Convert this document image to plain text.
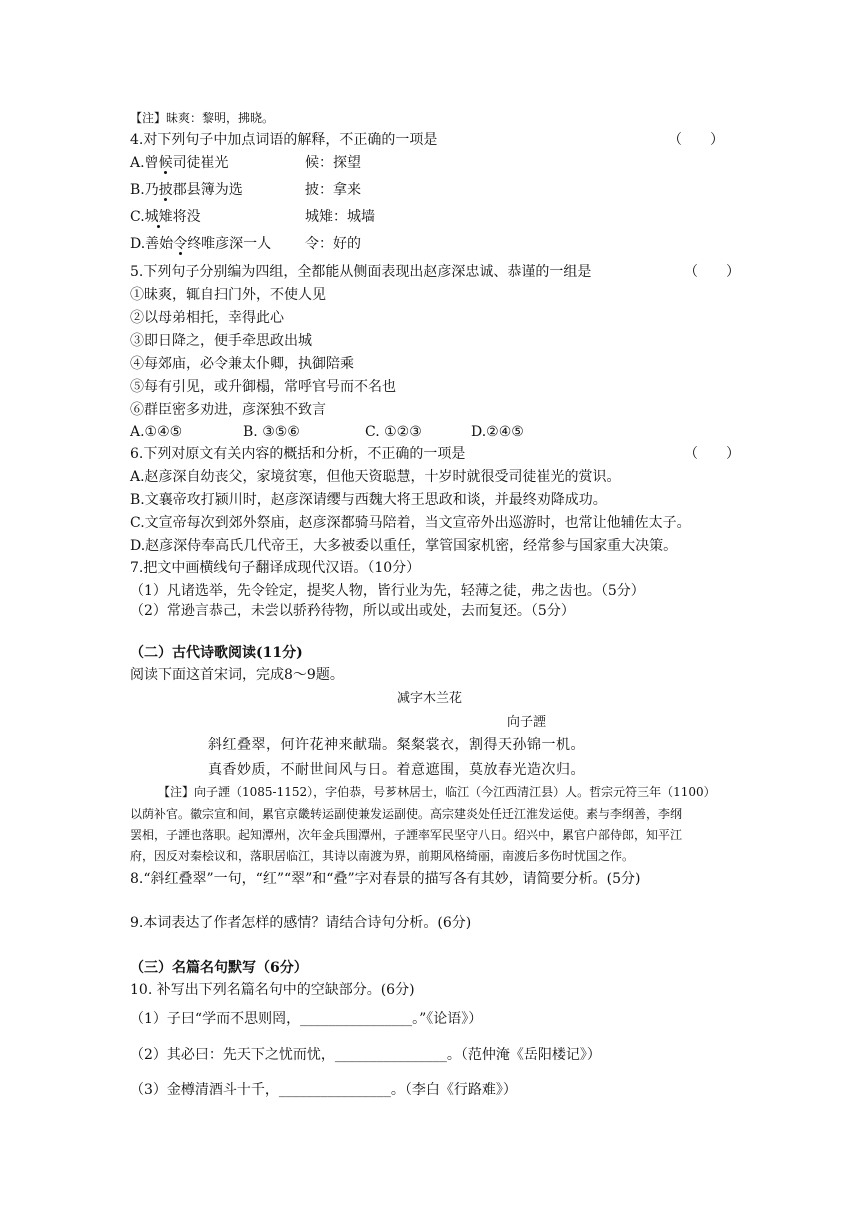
【注】昧爽：黎明，拂晓。
4.对下列句子中加点词语的解释，不正确的一项是	（　　）
A.曾候司徒崔光	候：探望
B.乃披郡县簿为选	披：拿来
C.城雉将没	城雉：城墙
D.善始令终唯彦深一人 令：好的
5.下列句子分别编为四组，全都能从侧面表现出赵彦深忠诚、恭谨的一组是	（　　）
①昧爽，辄自扫门外，不使人见
②以母弟相托，幸得此心
③即日降之，便手牵思政出城
④每郊庙，必令兼太仆卿，执御陪乘
⑤每有引见，或升御榻，常呼官号而不名也
⑥群臣密多劝进，彦深独不致言
A.①④⑤	B. ③⑤⑥	C. ①②③	D.②④⑤
6.下列对原文有关内容的概括和分析，不正确的一项是	（　　）
A.赵彦深自幼丧父，家境贫寒，但他天资聪慧，十岁时就很受司徒崔光的赏识。
B.文襄帝攻打颍川时，赵彦深请缨与西魏大将王思政和谈，并最终劝降成功。
C.文宣帝每次到郊外祭庙，赵彦深都骑马陪着，当文宣帝外出巡游时，也常让他辅佐太子。
D.赵彦深侍奉高氏几代帝王，大多被委以重任，掌管国家机密，经常参与国家重大决策。
7.把文中画横线句子翻译成现代汉语。（10分）
（1）凡诸选举，先令铨定，提奖人物，皆行业为先，轻薄之徒，弗之齿也。（5分）
（2）常逊言恭己，未尝以骄矜待物，所以或出或处，去而复还。（5分）
（二）古代诗歌阅读(11分)
阅读下面这首宋词，完成8～9题。
减字木兰花
向子諲
斜红叠翠，何许花神来献瑞。粲粲裳衣，割得天孙锦一机。
真香妙质，不耐世间风与日。着意遮围，莫放春光造次归。
【注】向子諲（1085-1152），字伯恭，号芗林居士，临江（今江西清江县）人。哲宗元符三年（1100）
以荫补官。徽宗宣和间，累官京畿转运副使兼发运副使。高宗建炎处任迁江淮发运使。素与李纲善，李纲
罢相，子諲也落职。起知潭州，次年金兵围潭州，子諲率军民坚守八日。绍兴中，累官户部侍郎，知平江
府，因反对秦桧议和，落职居临江，其诗以南渡为界，前期风格绮丽，南渡后多伤时忧国之作。
8.“斜红叠翠”一句，“红”“翠”和“叠”字对春景的描写各有其妙，请简要分析。(5分)
9.本词表达了作者怎样的感情？请结合诗句分析。(6分)
（三）名篇名句默写（6分）
10. 补写出下列名篇名句中的空缺部分。(6分)
（1）子曰“学而不思则罔，________________。”《论语》）
（2）其必曰：先天下之忧而忧，________________。（范仲淹《岳阳楼记》）
（3）金樽清酒斗十千，________________。（李白《行路难》）
